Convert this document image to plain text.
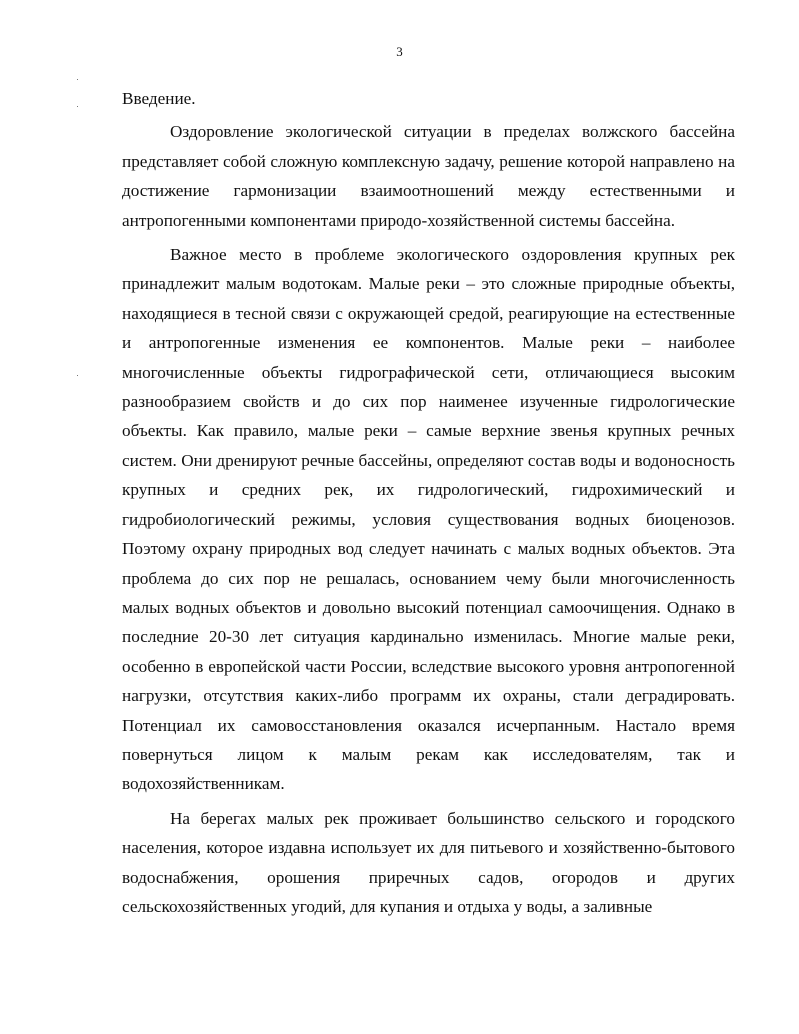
3

Введение.

Оздоровление экологической ситуации в пределах волжского бассейна представляет собой сложную комплексную задачу, решение которой направлено на достижение гармонизации взаимоотношений между естественными и антропогенными компонентами природо-хозяйственной системы бассейна.

Важное место в проблеме экологического оздоровления крупных рек принадлежит малым водотокам. Малые реки – это сложные природные объекты, находящиеся в тесной связи с окружающей средой, реагирующие на естественные и антропогенные изменения ее компонентов. Малые реки – наиболее многочисленные объекты гидрографической сети, отличающиеся высоким разнообразием свойств и до сих пор наименее изученные гидрологические объекты. Как правило, малые реки – самые верхние звенья крупных речных систем. Они дренируют речные бассейны, определяют состав воды и водоносность крупных и средних рек, их гидрологический, гидрохимический и гидробиологический режимы, условия существования водных биоценозов. Поэтому охрану природных вод следует начинать с малых водных объектов. Эта проблема до сих пор не решалась, основанием чему были многочисленность малых водных объектов и довольно высокий потенциал самоочищения. Однако в последние 20-30 лет ситуация кардинально изменилась. Многие малые реки, особенно в европейской части России, вследствие высокого уровня антропогенной нагрузки, отсутствия каких-либо программ их охраны, стали деградировать. Потенциал их самовосстановления оказался исчерпанным. Настало время повернуться лицом к малым рекам как исследователям, так и водохозяйственникам.

На берегах малых рек проживает большинство сельского и городского населения, которое издавна использует их для питьевого и хозяйственно-бытового водоснабжения, орошения приречных садов, огородов и других сельскохозяйственных угодий, для купания и отдыха у воды, а заливные
